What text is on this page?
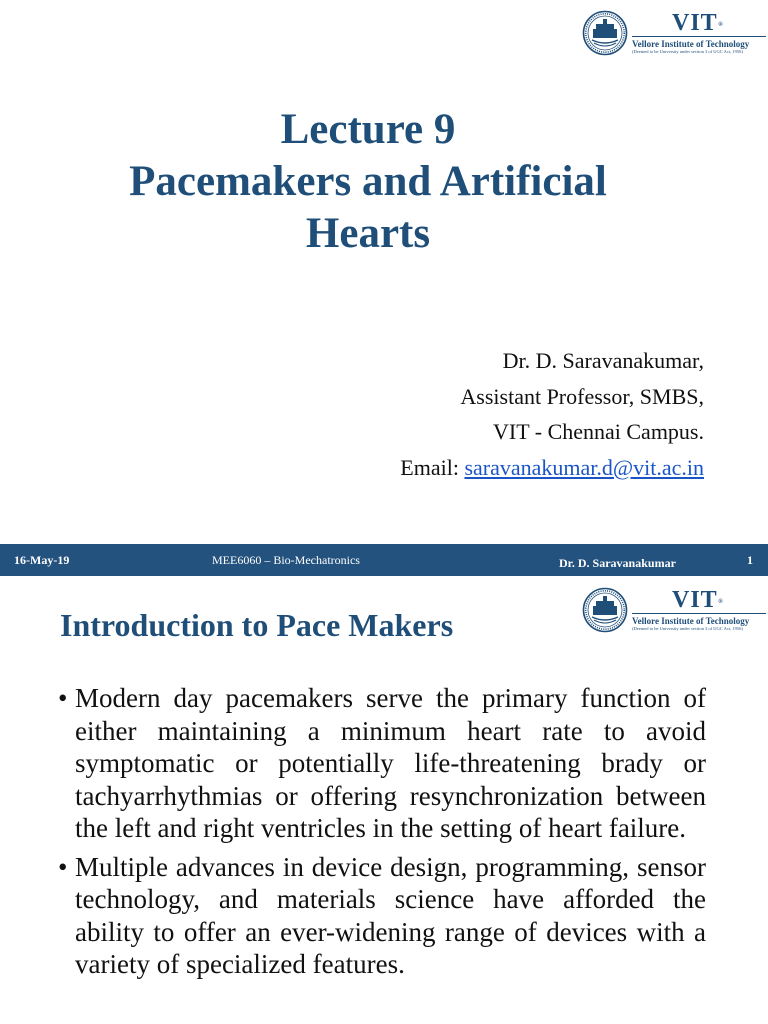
VIT ®
Vellore Institute of Technology
(Deemed to be University under section 3 of UGC Act, 1956)
Lecture 9
Pacemakers and Artificial
Hearts
Dr. D. Saravanakumar,
Assistant Professor, SMBS,
VIT - Chennai Campus.
Email: saravanakumar.d@vit.ac.in
16-May-19	MEE6060 – Bio-Mechatronics	Dr. D. Saravanakumar	1
Introduction to Pace Makers
VIT ®
Vellore Institute of Technology
(Deemed to be University under section 3 of UGC Act, 1956)
• Modern day pacemakers serve the primary function of either maintaining a minimum heart rate to avoid symptomatic or potentially life-threatening brady or tachyarrhythmias or offering resynchronization between the left and right ventricles in the setting of heart failure.
• Multiple advances in device design, programming, sensor technology, and materials science have afforded the ability to offer an ever-widening range of devices with a variety of specialized features.
